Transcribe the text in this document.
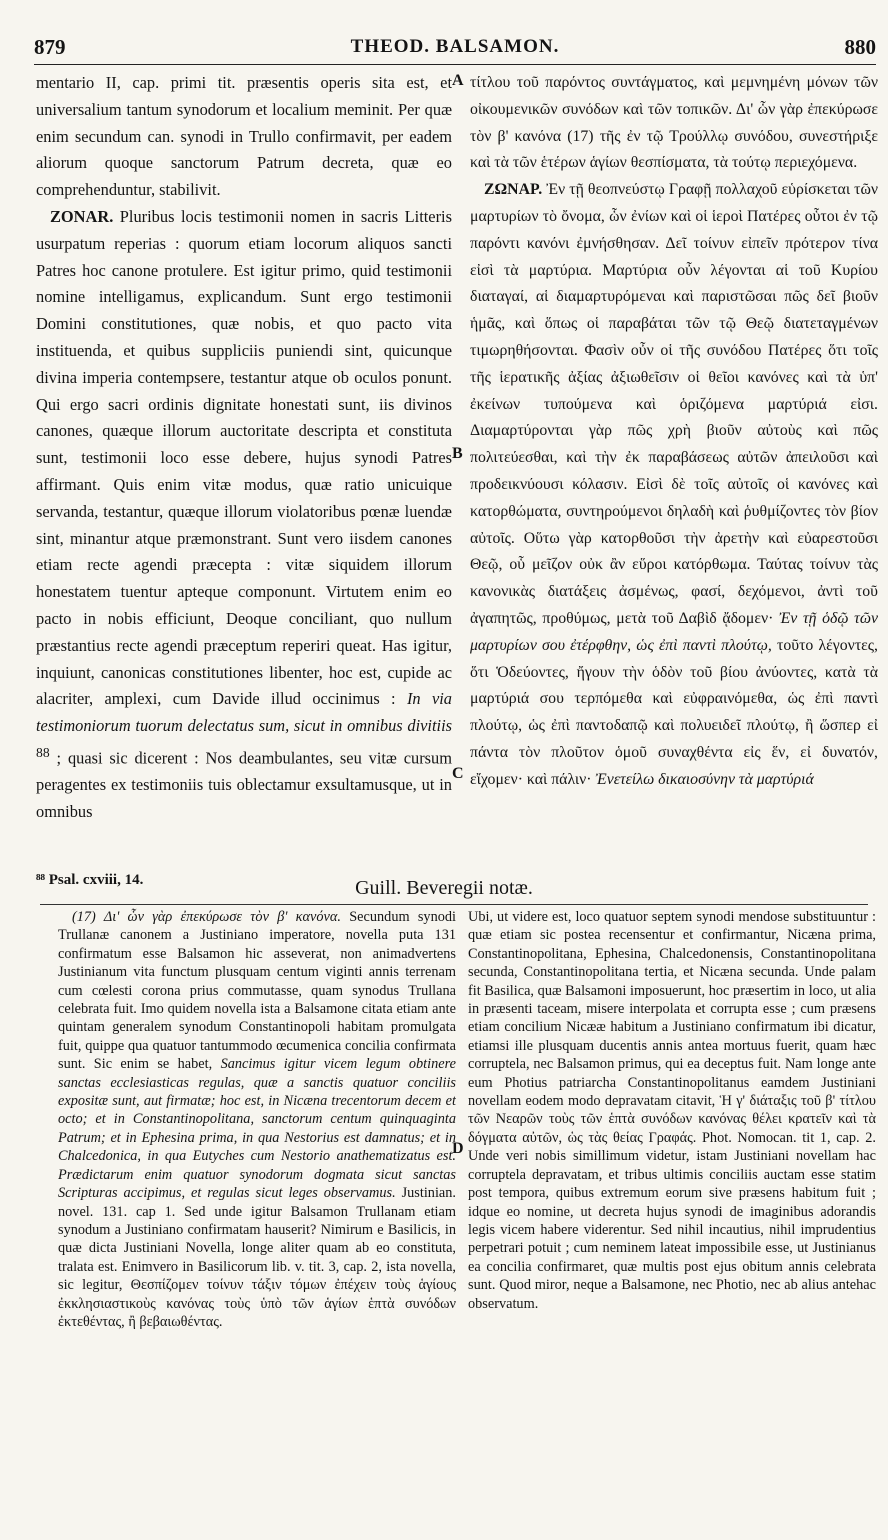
879	THEOD. BALSAMON.	880

mentario II, cap. primi tit. præsentis operis sita est, et universalium tantum synodorum et localium meminit. Per quæ enim secundum can. synodi in Trullo confirmavit, per eadem aliorum quoque sanctorum Patrum decreta, quæ eo comprehenduntur, stabilivit.

ZONAR. Pluribus locis testimonii nomen in sacris Litteris usurpatum reperias : quorum etiam locorum aliquos sancti Patres hoc canone protulere. Est igitur primo, quid testimonii nomine intelligamus, explicandum. Sunt ergo testimonii Domini constitutiones, quæ nobis, et quo pacto vita instituenda, et quibus suppliciis puniendi sint, quicunque divina imperia contempsere, testantur atque ob oculos ponunt. Qui ergo sacri ordinis dignitate honestati sunt, iis divinos canones, quæque illorum auctoritate descripta et constituta sunt, testimonii loco esse debere, hujus synodi Patres affirmant. Quis enim vitæ modus, quæ ratio unicuique servanda, testantur, quæque illorum violatoribus pœnæ luendæ sint, minantur atque præmonstrant. Sunt vero iisdem canones etiam recte agendi præcepta : vitæ siquidem illorum honestatem tuentur apteque componunt. Virtutem enim eo pacto in nobis efficiunt, Deoque conciliant, quo nullum præstantius recte agendi præceptum reperiri queat. Has igitur, inquiunt, canonicas constitutiones libenter, hoc est, cupide ac alacriter, amplexi, cum Davide illud occinimus : In via testimoniorum tuorum delectatus sum, sicut in omnibus divitiis $^{88}$ ; quasi sic dicerent : Nos deambulantes, seu vitæ cursum peragentes ex testimoniis tuis oblectamur exsultamusque, ut in omnibus

A
B
C
D

τίτλου τοῦ παρόντος συντάγματος, καὶ μεμνημένη μόνων τῶν οἰκουμενικῶν συνόδων καὶ τῶν τοπικῶν. Δι' ὧν γὰρ ἐπεκύρωσε τὸν β' κανόνα (17) τῆς ἐν τῷ Τρούλλῳ συνόδου, συνεστήριξε καὶ τὰ τῶν ἑτέρων ἁγίων θεσπίσματα, τὰ τούτῳ περιεχόμενα.

ΖΩΝΑΡ. Ἐν τῇ θεοπνεύστῳ Γραφῇ πολλαχοῦ εὑρίσκεται τῶν μαρτυρίων τὸ ὄνομα, ὧν ἐνίων καὶ οἱ ἱεροὶ Πατέρες οὗτοι ἐν τῷ παρόντι κανόνι ἐμνήσθησαν. Δεῖ τοίνυν εἰπεῖν πρότερον τίνα εἰσὶ τὰ μαρτύρια. Μαρτύρια οὖν λέγονται αἱ τοῦ Κυρίου διαταγαί, αἱ διαμαρτυρόμεναι καὶ παριστῶσαι πῶς δεῖ βιοῦν ἡμᾶς, καὶ ὅπως οἱ παραβάται τῶν τῷ Θεῷ διατεταγμένων τιμωρηθήσονται. Φασὶν οὖν οἱ τῆς συνόδου Πατέρες ὅτι τοῖς τῆς ἱερατικῆς ἀξίας ἀξιωθεῖσιν οἱ θεῖοι κανόνες καὶ τὰ ὑπ' ἐκείνων τυπούμενα καὶ ὁριζόμενα μαρτύριά εἰσι. Διαμαρτύρονται γὰρ πῶς χρὴ βιοῦν αὐτοὺς καὶ πῶς πολιτεύεσθαι, καὶ τὴν ἐκ παραβάσεως αὐτῶν ἀπειλοῦσι καὶ προδεικνύουσι κόλασιν. Εἰσὶ δὲ τοῖς αὐτοῖς οἱ κανόνες καὶ κατορθώματα, συντηρούμενοι δηλαδὴ καὶ ῥυθμίζοντες τὸν βίον αὐτοῖς. Οὕτω γὰρ κατορθοῦσι τὴν ἀρετὴν καὶ εὐαρεστοῦσι Θεῷ, οὗ μεῖζον οὐκ ἂν εὕροι κατόρθωμα. Ταύτας τοίνυν τὰς κανονικὰς διατάξεις ἀσμένως, φασί, δεχόμενοι, ἀντὶ τοῦ ἀγαπητῶς, προθύμως, μετὰ τοῦ Δαβὶδ ᾄδομεν· Ἐν τῇ ὁδῷ τῶν μαρτυρίων σου ἐτέρφθην, ὡς ἐπὶ παντὶ πλούτῳ, τοῦτο λέγοντες, ὅτι Ὁδεύοντες, ἤγουν τὴν ὁδὸν τοῦ βίου ἀνύοντες, κατὰ τὰ μαρτύριά σου τερπόμεθα καὶ εὐφραινόμεθα, ὡς ἐπὶ παντὶ πλούτῳ, ὡς ἐπὶ παντοδαπῷ καὶ πολυειδεῖ πλούτῳ, ἢ ὥσπερ εἰ πάντα τὸν πλοῦτον ὁμοῦ συναχθέντα εἰς ἕν, εἰ δυνατόν, εἴχομεν· καὶ πάλιν· Ἐνετείλω δικαιοσύνην τὰ μαρτύριά

⁸⁸ Psal. cxviii, 14.	Guill. Beveregii notæ.

(17) Δι' ὧν γὰρ ἐπεκύρωσε τὸν β' κανόνα. Secundum synodi Trullanæ canonem a Justiniano imperatore, novella puta 131 confirmatum esse Balsamon hic asseverat, non animadvertens Justinianum vita functum plusquam centum viginti annis terrenam cum cœlesti corona prius commutasse, quam synodus Trullana celebrata fuit. Imo quidem novella ista a Balsamone citata etiam ante quintam generalem synodum Constantinopoli habitam promulgata fuit, quippe qua quatuor tantummodo œcumenica concilia confirmata sunt. Sic enim se habet, Sancimus igitur vicem legum obtinere sanctas ecclesiasticas regulas, quæ a sanctis quatuor conciliis expositæ sunt, aut firmatæ; hoc est, in Nicæna trecentorum decem et octo; et in Constantinopolitana, sanctorum centum quinquaginta Patrum; et in Ephesina prima, in qua Nestorius est damnatus; et in Chalcedonica, in qua Eutyches cum Nestorio anathematizatus est. Prædictarum enim quatuor synodorum dogmata sicut sanctas Scripturas accipimus, et regulas sicut leges observamus. Justinian. novel. 131. cap 1. Sed unde igitur Balsamon Trullanam etiam synodum a Justiniano confirmatam hauserit? Nimirum e Basilicis, in quæ dicta Justiniani Novella, longe aliter quam ab eo constituta, tralata est. Enimvero in Basilicorum lib. v. tit. 3, cap. 2, ista novella, sic legitur, Θεσπίζομεν τοίνυν τάξιν τόμων ἐπέχειν τοὺς ἁγίους ἐκκλησιαστικοὺς κανόνας τοὺς ὑπὸ τῶν ἁγίων ἑπτὰ συνόδων ἐκτεθέντας, ἢ βεβαιωθέντας.

Ubi, ut videre est, loco quatuor septem synodi mendose substituuntur : quæ etiam sic postea recensentur et confirmantur, Nicæna prima, Constantinopolitana, Ephesina, Chalcedonensis, Constantinopolitana secunda, Constantinopolitana tertia, et Nicæna secunda. Unde palam fit Basilica, quæ Balsamoni imposuerunt, hoc præsertim in loco, ut alia in præsenti taceam, misere interpolata et corrupta esse ; cum præsens etiam concilium Nicææ habitum a Justiniano confirmatum ibi dicatur, etiamsi ille plusquam ducentis annis antea mortuus fuerit, quam hæc corruptela, nec Balsamon primus, qui ea deceptus fuit. Nam longe ante eum Photius patriarcha Constantinopolitanus eamdem Justiniani novellam eodem modo depravatam citavit, Ἡ γ' διάταξις τοῦ β' τίτλου τῶν Νεαρῶν τοὺς τῶν ἑπτὰ συνόδων κανόνας θέλει κρατεῖν καὶ τὰ δόγματα αὐτῶν, ὡς τὰς θείας Γραφάς. Phot. Nomocan. tit 1, cap. 2. Unde veri nobis simillimum videtur, istam Justiniani novellam hac corruptela depravatam, et tribus ultimis conciliis auctam esse statim post tempora, quibus extremum eorum sive præsens habitum fuit ; idque eo nomine, ut decreta hujus synodi de imaginibus adorandis legis vicem habere viderentur. Sed nihil incautius, nihil imprudentius perpetrari potuit ; cum neminem lateat impossibile esse, ut Justinianus ea concilia confirmaret, quæ multis post ejus obitum annis celebrata sunt. Quod miror, neque a Balsamone, nec Photio, nec ab alius antehac observatum.
